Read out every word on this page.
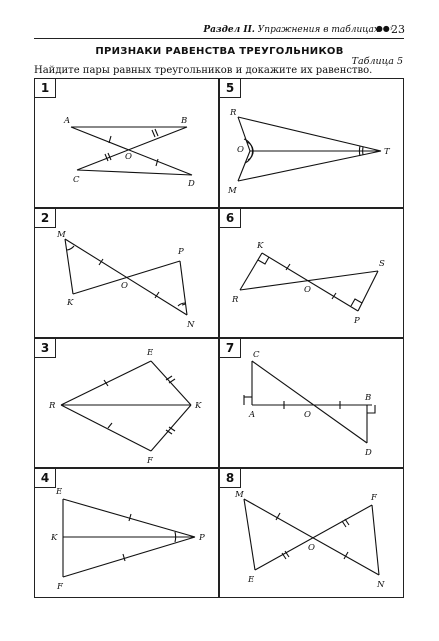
Раздел II. Упражнения в таблицах
●●›
23
ПРИЗНАКИ РАВЕНСТВА ТРЕУГОЛЬНИКОВ
Таблица 5
Найдите пары равных треугольников и докажите их равенство.
A	B
O
C	D
1
R
O	T
M
5
M
P
O
K
N
2
K
S
O
R
P
6
E
R	K
F
3	C
A	O
B
D
7
E
K	P
F
4
M	F
O
E	N
8
